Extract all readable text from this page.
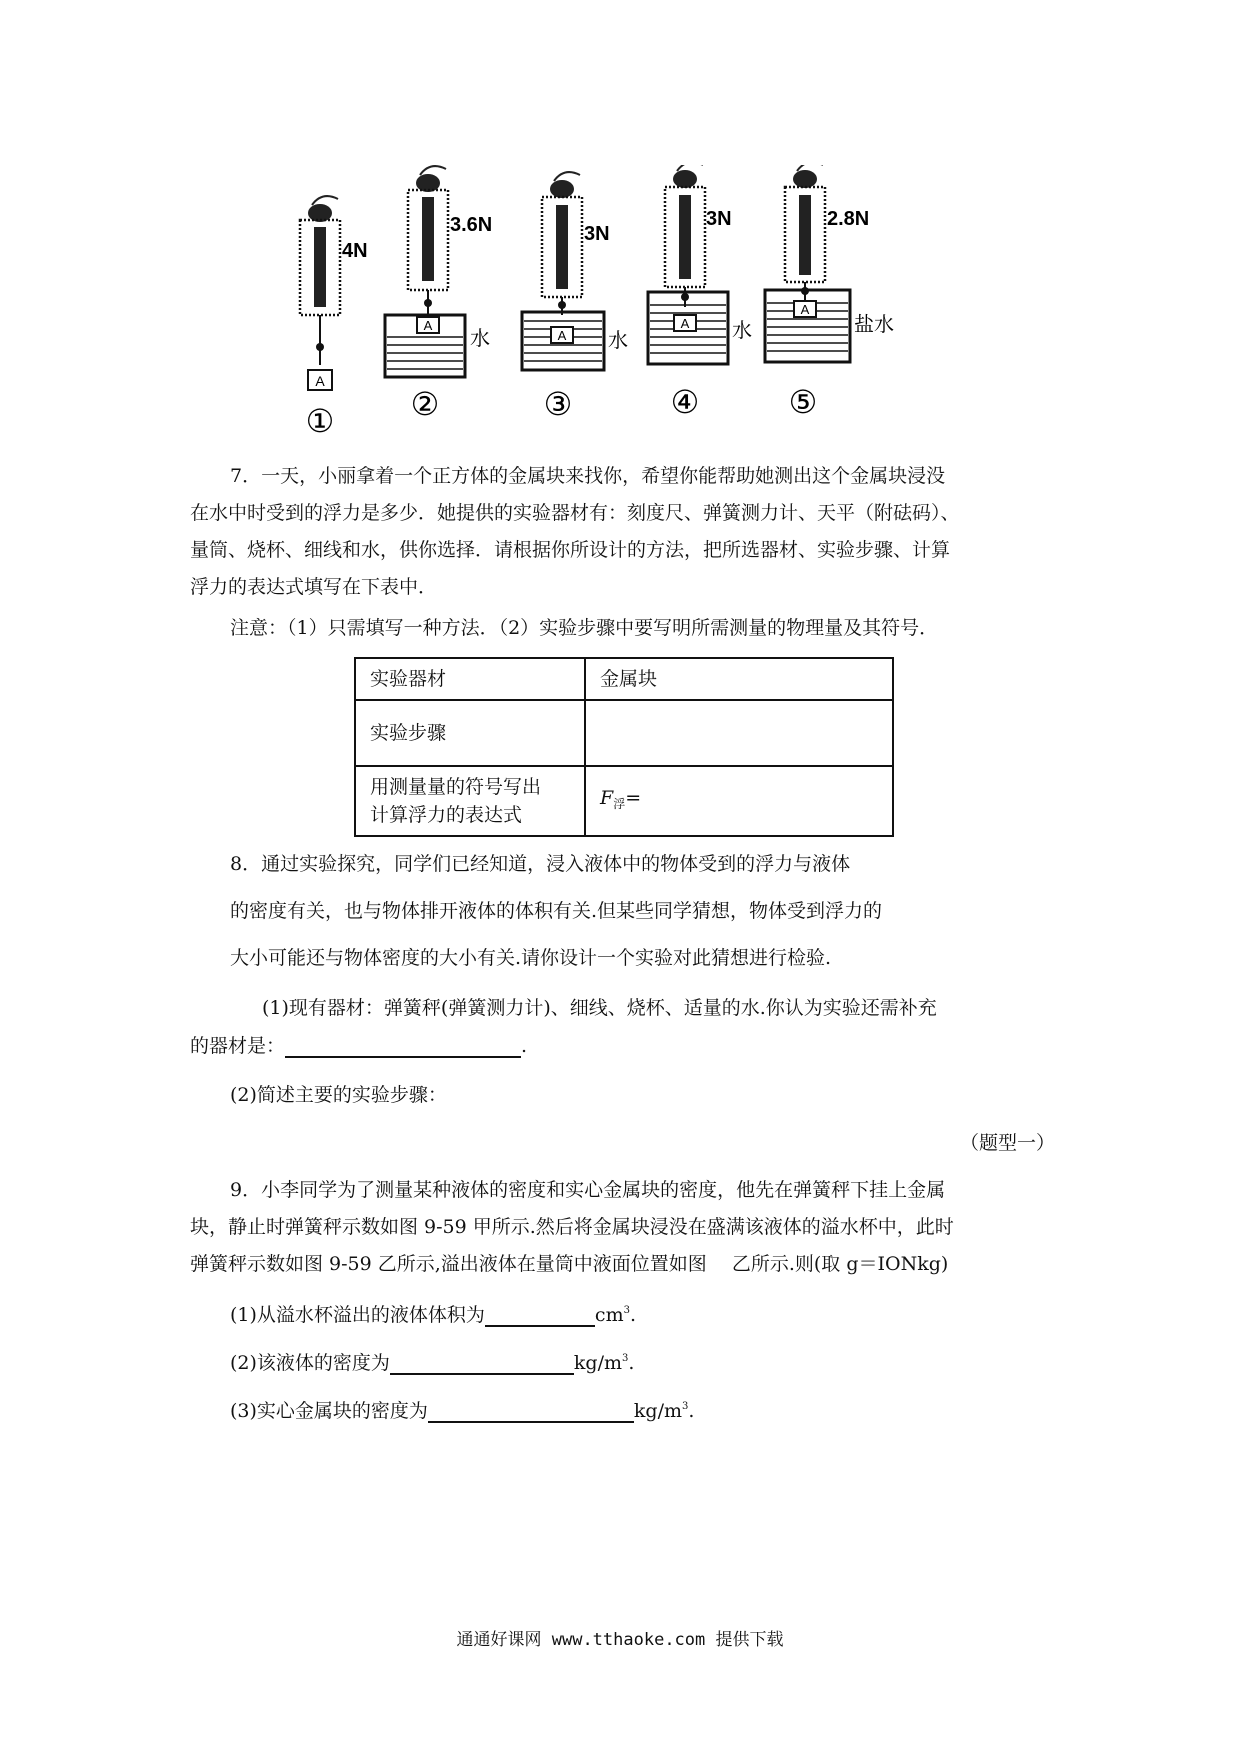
A
4N
①
A
3.6N
水
②
A
3N
水
③
A
3N
水
④
A
2.8N
盐水
⑤
7．一天，小丽拿着一个正方体的金属块来找你，希望你能帮助她测出这个金属块浸没
在水中时受到的浮力是多少．她提供的实验器材有：刻度尺、弹簧测力计、天平（附砝码）、
量筒、烧杯、细线和水，供你选择．请根据你所设计的方法，把所选器材、实验步骤、计算
浮力的表达式填写在下表中．
注意：（1）只需填写一种方法．（2）实验步骤中要写明所需测量的物理量及其符号．
实验器材	金属块
实验步骤	

用测量量的符号写出
计算浮力的表达式	$F_浮=$
8．通过实验探究，同学们已经知道，浸入液体中的物体受到的浮力与液体
的密度有关，也与物体排开液体的体积有关.但某些同学猜想，物体受到浮力的
大小可能还与物体密度的大小有关.请你设计一个实验对此猜想进行检验.
(1)现有器材：弹簧秤(弹簧测力计)、细线、烧杯、适量的水.你认为实验还需补充
的器材是：	.
(2)简述主要的实验步骤：
（题型一）
9．小李同学为了测量某种液体的密度和实心金属块的密度，他先在弹簧秤下挂上金属
块，静止时弹簧秤示数如图 9-59 甲所示.然后将金属块浸没在盛满该液体的溢水杯中，此时
弹簧秤示数如图 9-59 乙所示,溢出液体在量筒中液面位置如图　 乙所示.则(取 g＝IONkg)
(1)从溢水杯溢出的液体体积为	$cm^3$.
(2)该液体的密度为	$kg/m^3$.
(3)实心金属块的密度为	$kg/m^3$.
通通好课网 www.tthaoke.com 提供下载
